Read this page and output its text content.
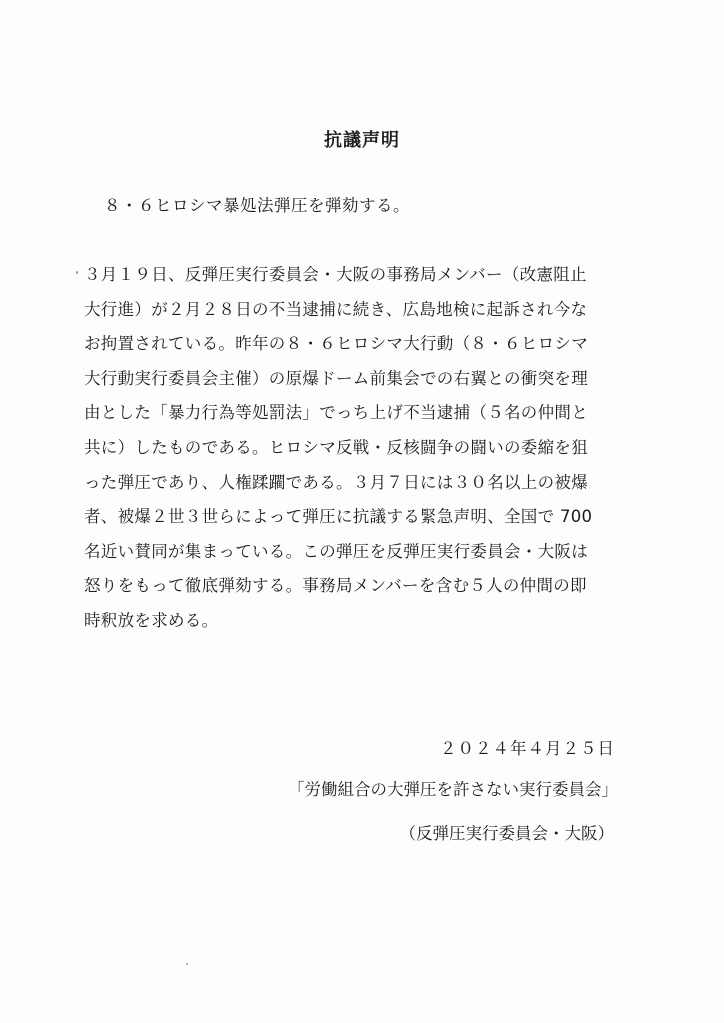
抗議声明
８・６ヒロシマ暴処法弾圧を弾劾する。
３月１９日、反弾圧実行委員会・大阪の事務局メンバー（改憲阻止
大行進）が２月２８日の不当逮捕に続き、広島地検に起訴され今な
お拘置されている。昨年の８・６ヒロシマ大行動（８・６ヒロシマ
大行動実行委員会主催）の原爆ドーム前集会での右翼との衝突を理
由とした「暴力行為等処罰法」でっち上げ不当逮捕（５名の仲間と
共に）したものである。ヒロシマ反戦・反核闘争の闘いの委縮を狙
った弾圧であり、人権蹂躙である。３月７日には３０名以上の被爆
者、被爆２世３世らによって弾圧に抗議する緊急声明、全国で 700
名近い賛同が集まっている。この弾圧を反弾圧実行委員会・大阪は
怒りをもって徹底弾劾する。事務局メンバーを含む５人の仲間の即
時釈放を求める。
２０２４年４月２５日
「労働組合の大弾圧を許さない実行委員会」
（反弾圧実行委員会・大阪）
